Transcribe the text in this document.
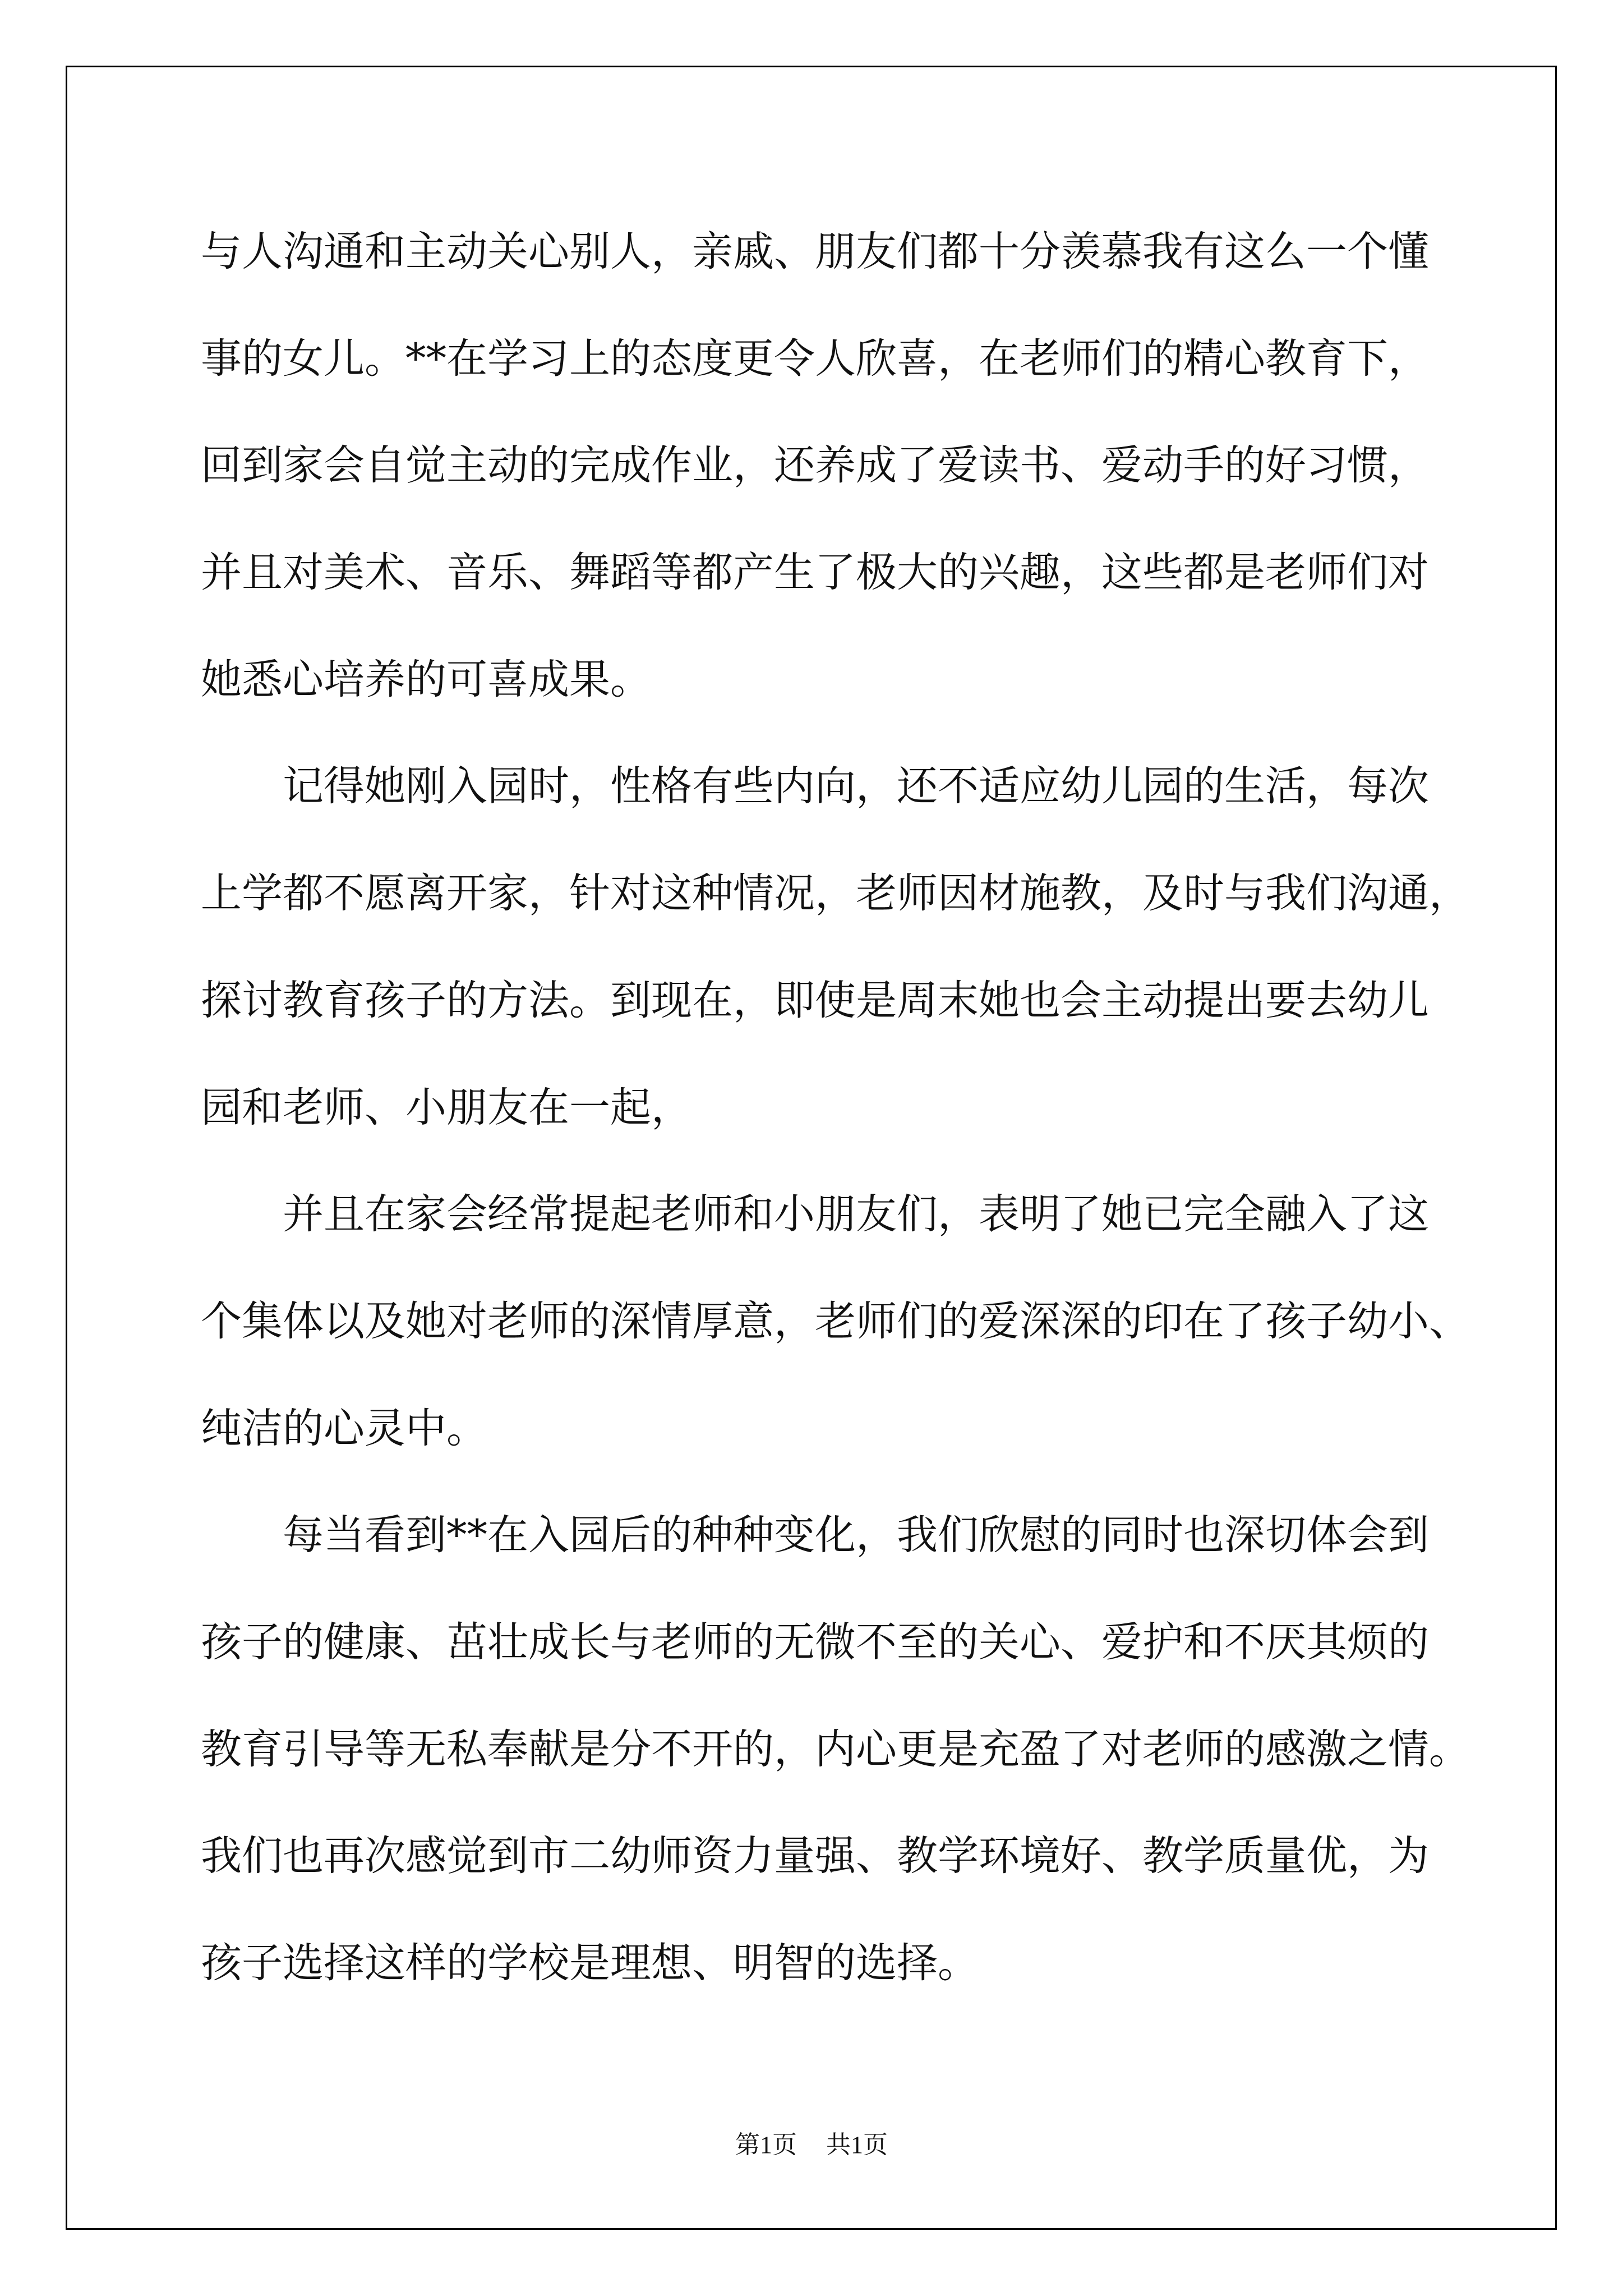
与人沟通和主动关心别人，亲戚、朋友们都十分羡慕我有这么一个懂
事的女儿。**在学习上的态度更令人欣喜，在老师们的精心教育下，
回到家会自觉主动的完成作业，还养成了爱读书、爱动手的好习惯，
并且对美术、音乐、舞蹈等都产生了极大的兴趣，这些都是老师们对
她悉心培养的可喜成果。
记得她刚入园时，性格有些内向，还不适应幼儿园的生活，每次
上学都不愿离开家，针对这种情况，老师因材施教，及时与我们沟通，
探讨教育孩子的方法。到现在，即使是周末她也会主动提出要去幼儿
园和老师、小朋友在一起，
并且在家会经常提起老师和小朋友们，表明了她已完全融入了这
个集体以及她对老师的深情厚意，老师们的爱深深的印在了孩子幼小、
纯洁的心灵中。
每当看到**在入园后的种种变化，我们欣慰的同时也深切体会到
孩子的健康、茁壮成长与老师的无微不至的关心、爱护和不厌其烦的
教育引导等无私奉献是分不开的，内心更是充盈了对老师的感激之情。
我们也再次感觉到市二幼师资力量强、教学环境好、教学质量优，为
孩子选择这样的学校是理想、明智的选择。
第1页 共1页
